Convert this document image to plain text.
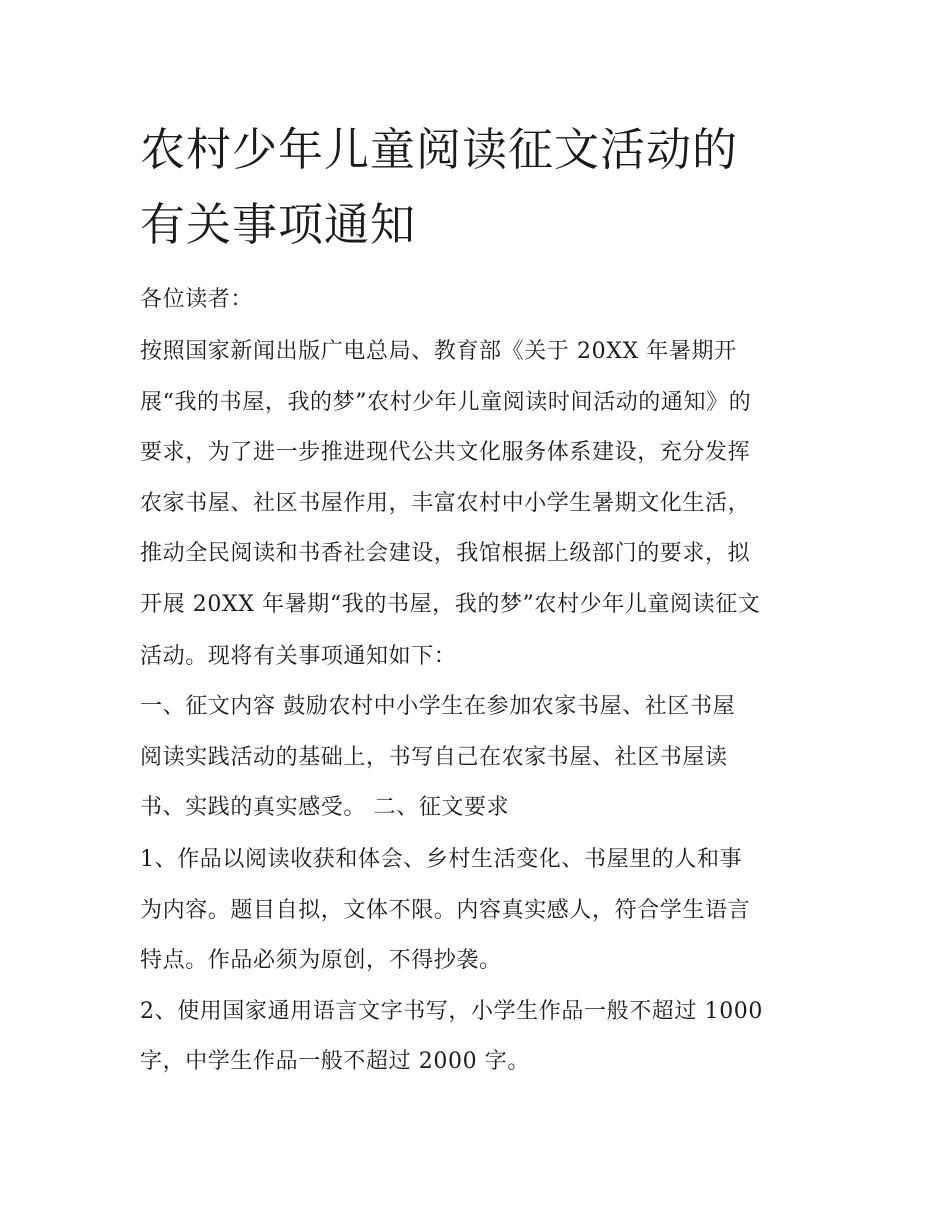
农村少年儿童阅读征文活动的
有关事项通知
各位读者：
按照国家新闻出版广电总局、教育部《关于 20XX 年暑期开
展“我的书屋，我的梦”农村少年儿童阅读时间活动的通知》的
要求，为了进一步推进现代公共文化服务体系建设，充分发挥
农家书屋、社区书屋作用，丰富农村中小学生暑期文化生活，
推动全民阅读和书香社会建设，我馆根据上级部门的要求，拟
开展 20XX 年暑期“我的书屋，我的梦”农村少年儿童阅读征文
活动。现将有关事项通知如下：
一、征文内容 鼓励农村中小学生在参加农家书屋、社区书屋
阅读实践活动的基础上，书写自己在农家书屋、社区书屋读
书、实践的真实感受。 二、征文要求
1、作品以阅读收获和体会、乡村生活变化、书屋里的人和事
为内容。题目自拟，文体不限。内容真实感人，符合学生语言
特点。作品必须为原创，不得抄袭。
2、使用国家通用语言文字书写，小学生作品一般不超过 1000
字，中学生作品一般不超过 2000 字。
